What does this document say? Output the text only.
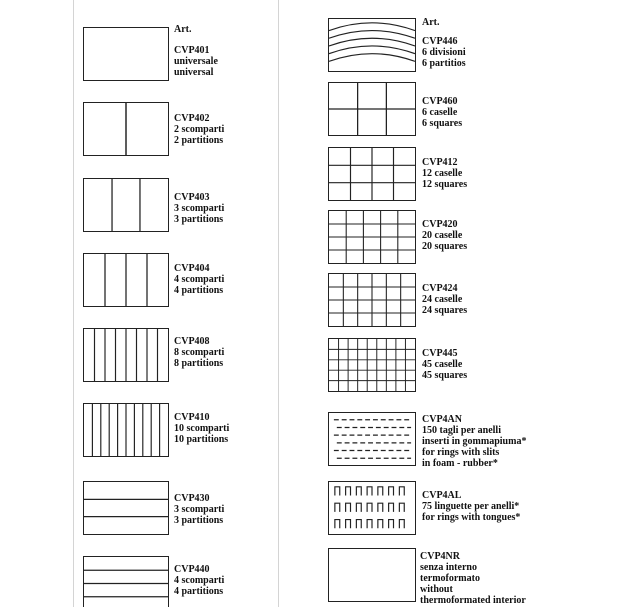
Art.
Art.
CVP401
universale
universal
CVP402
2 scomparti
2 partitions
CVP403
3 scomparti
3 partitions
CVP404
4 scomparti
4 partitions
CVP408
8 scomparti
8 partitions
CVP410
10 scomparti
10 partitions
CVP430
3 scomparti
3 partitions
CVP440
4 scomparti
4 partitions
CVP446
6 divisioni
6 partitios
CVP460
6 caselle
6 squares
CVP412
12 caselle
12 squares
CVP420
20 caselle
20 squares
CVP424
24 caselle
24 squares
CVP445
45 caselle
45 squares
CVP4AN
150 tagli per anelli
inserti in gommapiuma*
for rings with slits
in foam - rubber*
CVP4AL
75 linguette per anelli*
for rings with tongues*
CVP4NR
senza interno
termoformato
without
thermoformated interior
